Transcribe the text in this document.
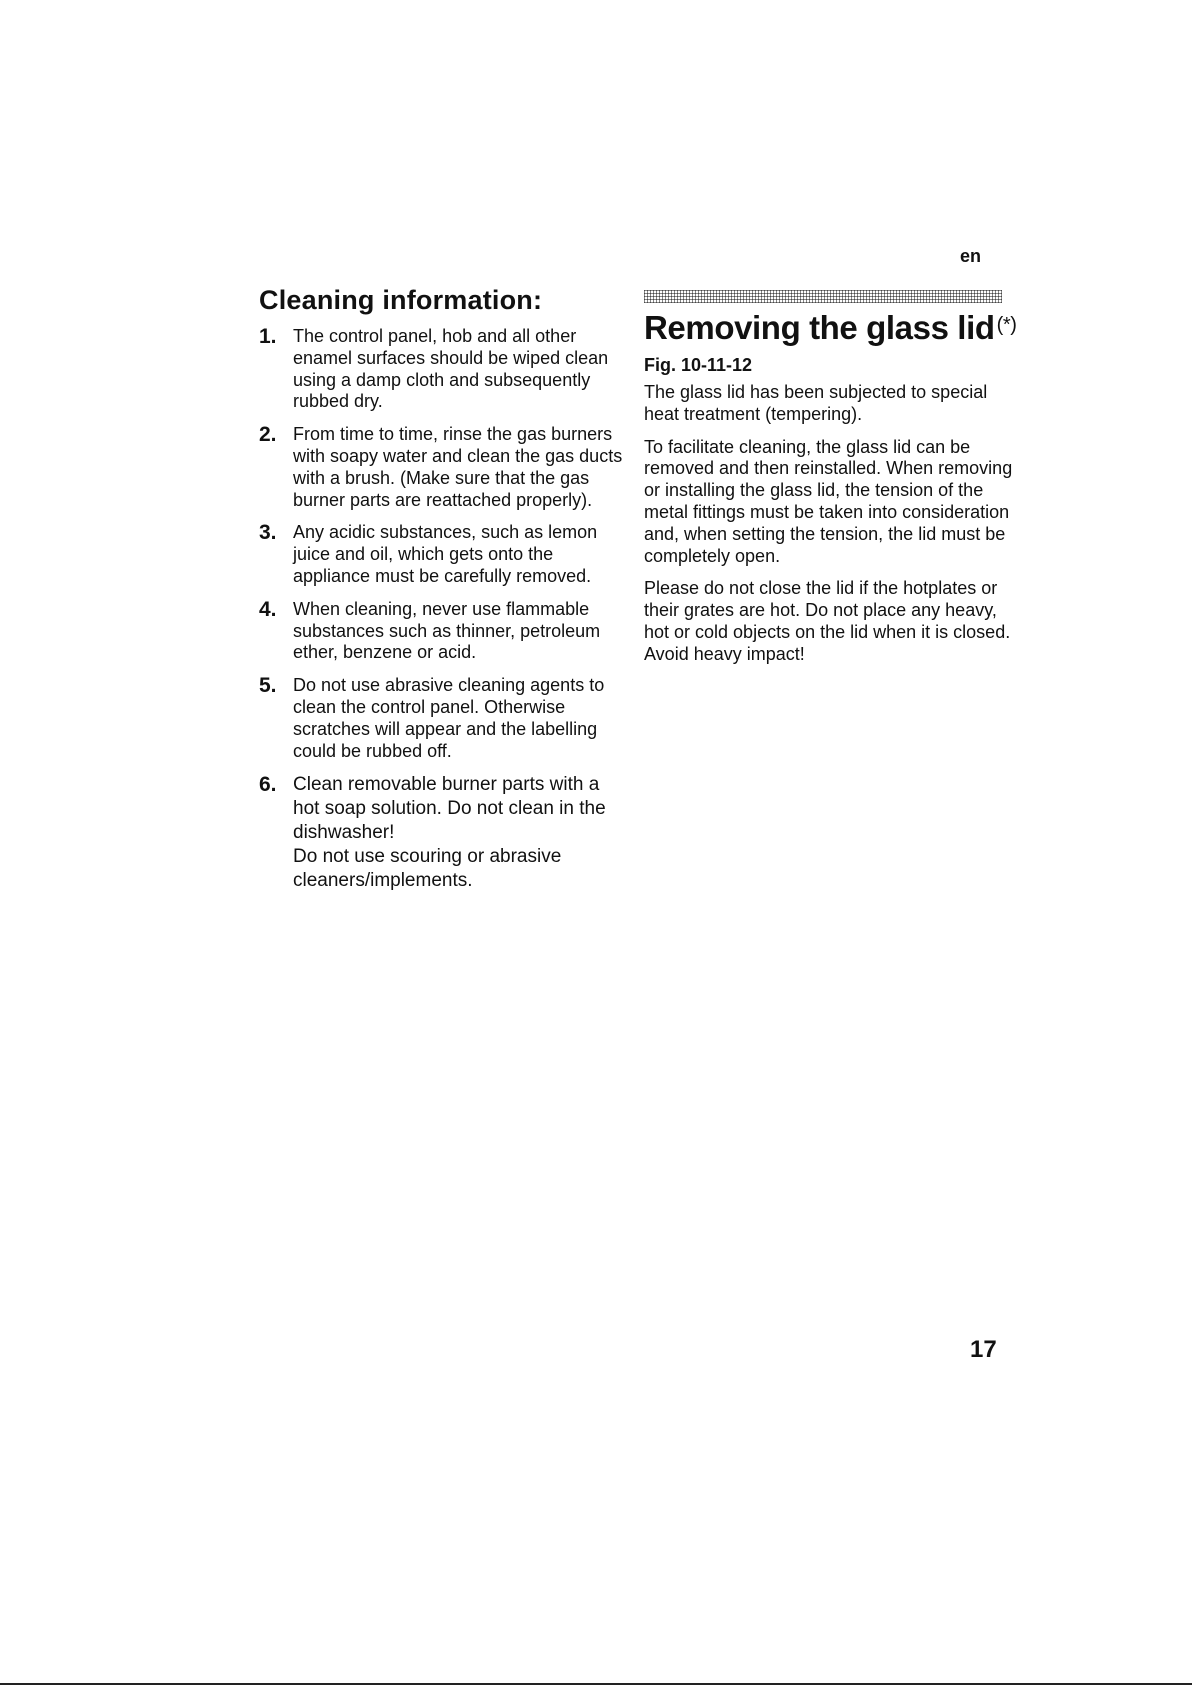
en
Cleaning information:
1. The control panel, hob and all other enamel surfaces should be wiped clean using a damp cloth and subsequently rubbed dry.
2. From time to time, rinse the gas burners with soapy water and clean the gas ducts with a brush. (Make sure that the gas burner parts are reattached properly).
3. Any acidic substances, such as lemon juice and oil, which gets onto the appliance must be carefully removed.
4. When cleaning, never use flammable substances such as thinner, petroleum ether, benzene or acid.
5. Do not use abrasive cleaning agents to clean the control panel. Otherwise scratches will appear and the labelling could be rubbed off.
6. Clean removable burner parts with a hot soap solution. Do not clean in the dishwasher!
Do not use scouring or abrasive cleaners/implements.
Removing the glass lid (*)
Fig. 10-11-12

The glass lid has been subjected to special heat treatment (tempering).

To facilitate cleaning, the glass lid can be removed and then reinstalled. When removing or installing the glass lid, the tension of the metal fittings must be taken into consideration and, when setting the tension, the lid must be completely open.

Please do not close the lid if the hotplates or their grates are hot. Do not place any heavy, hot or cold objects on the lid when it is closed. Avoid heavy impact!

17
